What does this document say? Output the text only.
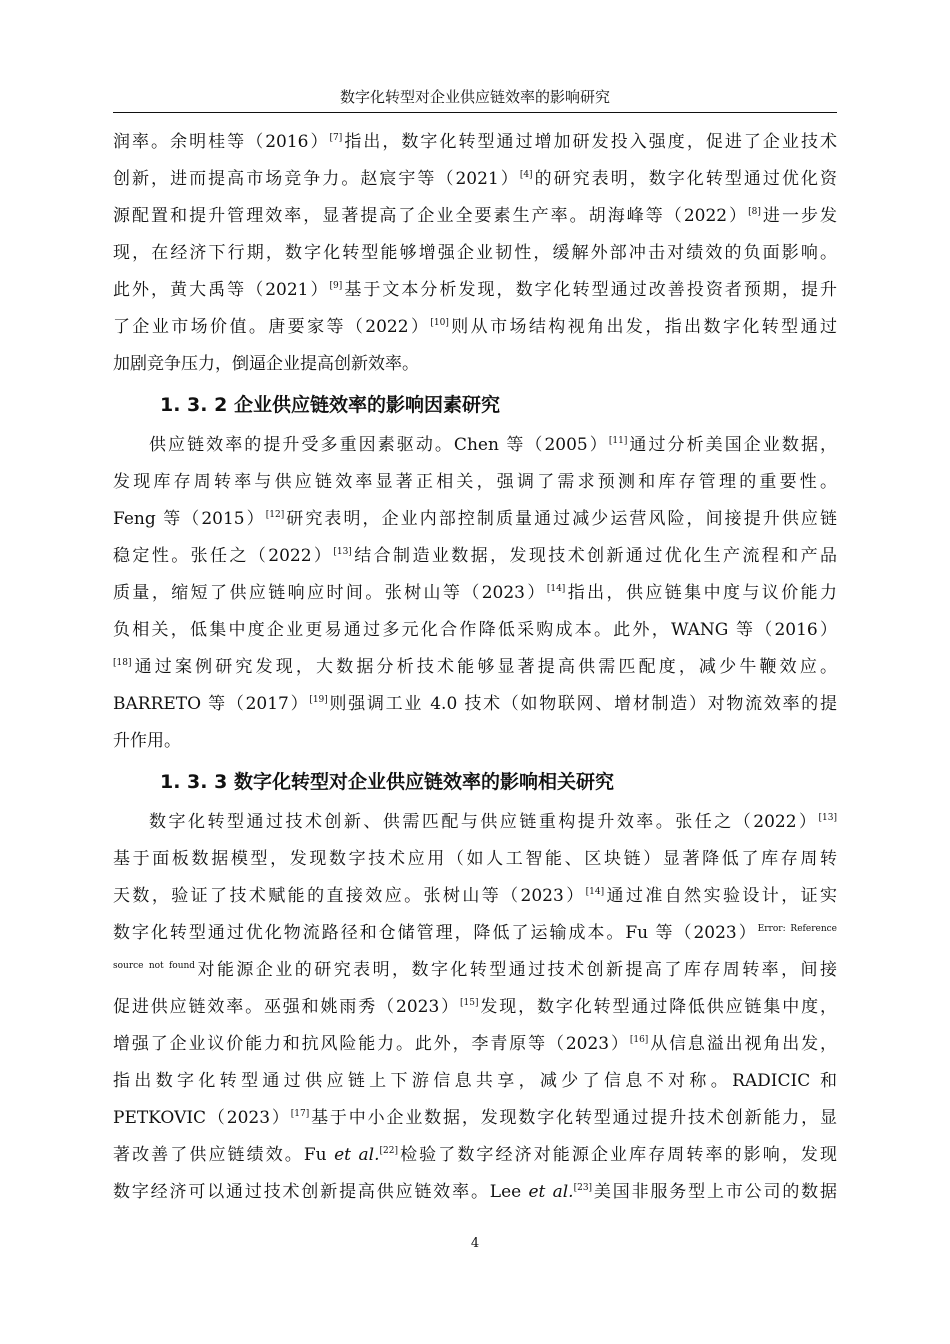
数字化转型对企业供应链效率的影响研究
润率。余明桂等（2016）[7]指出，数字化转型通过增加研发投入强度，促进了企业技术
创新，进而提高市场竞争力。赵宸宇等（2021）[4]的研究表明，数字化转型通过优化资
源配置和提升管理效率，显著提高了企业全要素生产率。胡海峰等（2022）[8]进一步发
现，在经济下行期，数字化转型能够增强企业韧性，缓解外部冲击对绩效的负面影响。
此外，黄大禹等（2021）[9]基于文本分析发现，数字化转型通过改善投资者预期，提升
了企业市场价值。唐要家等（2022）[10]则从市场结构视角出发，指出数字化转型通过
加剧竞争压力，倒逼企业提高创新效率。
1. 3. 2 企业供应链效率的影响因素研究
供应链效率的提升受多重因素驱动。Chen 等（2005）[11]通过分析美国企业数据，
发现库存周转率与供应链效率显著正相关，强调了需求预测和库存管理的重要性。
Feng 等（2015）[12]研究表明，企业内部控制质量通过减少运营风险，间接提升供应链
稳定性。张任之（2022）[13]结合制造业数据，发现技术创新通过优化生产流程和产品
质量，缩短了供应链响应时间。张树山等（2023）[14]指出，供应链集中度与议价能力
负相关，低集中度企业更易通过多元化合作降低采购成本。此外，WANG 等（2016）
[18]通过案例研究发现，大数据分析技术能够显著提高供需匹配度，减少牛鞭效应。
BARRETO 等（2017）[19]则强调工业 4.0 技术（如物联网、增材制造）对物流效率的提
升作用。
1. 3. 3 数字化转型对企业供应链效率的影响相关研究
数字化转型通过技术创新、供需匹配与供应链重构提升效率。张任之（2022）[13]
基于面板数据模型，发现数字技术应用（如人工智能、区块链）显著降低了库存周转
天数，验证了技术赋能的直接效应。张树山等（2023）[14]通过准自然实验设计，证实
数字化转型通过优化物流路径和仓储管理，降低了运输成本。Fu 等$(2023)^{Error: Reference}$
$^{source not found}$对能源企业的研究表明，数字化转型通过技术创新提高了库存周转率，间接
促进供应链效率。巫强和姚雨秀（2023）[15]发现，数字化转型通过降低供应链集中度，
增强了企业议价能力和抗风险能力。此外，李青原等（2023）[16]从信息溢出视角出发，
指出数字化转型通过供应链上下游信息共享，减少了信息不对称。RADICIC 和
PETKOVIC（2023）[17]基于中小企业数据，发现数字化转型通过提升技术创新能力，显
著改善了供应链绩效。Fu et al.[22]检验了数字经济对能源企业库存周转率的影响，发现
数字经济可以通过技术创新提高供应链效率。Lee et al.[23]美国非服务型上市公司的数据
4
